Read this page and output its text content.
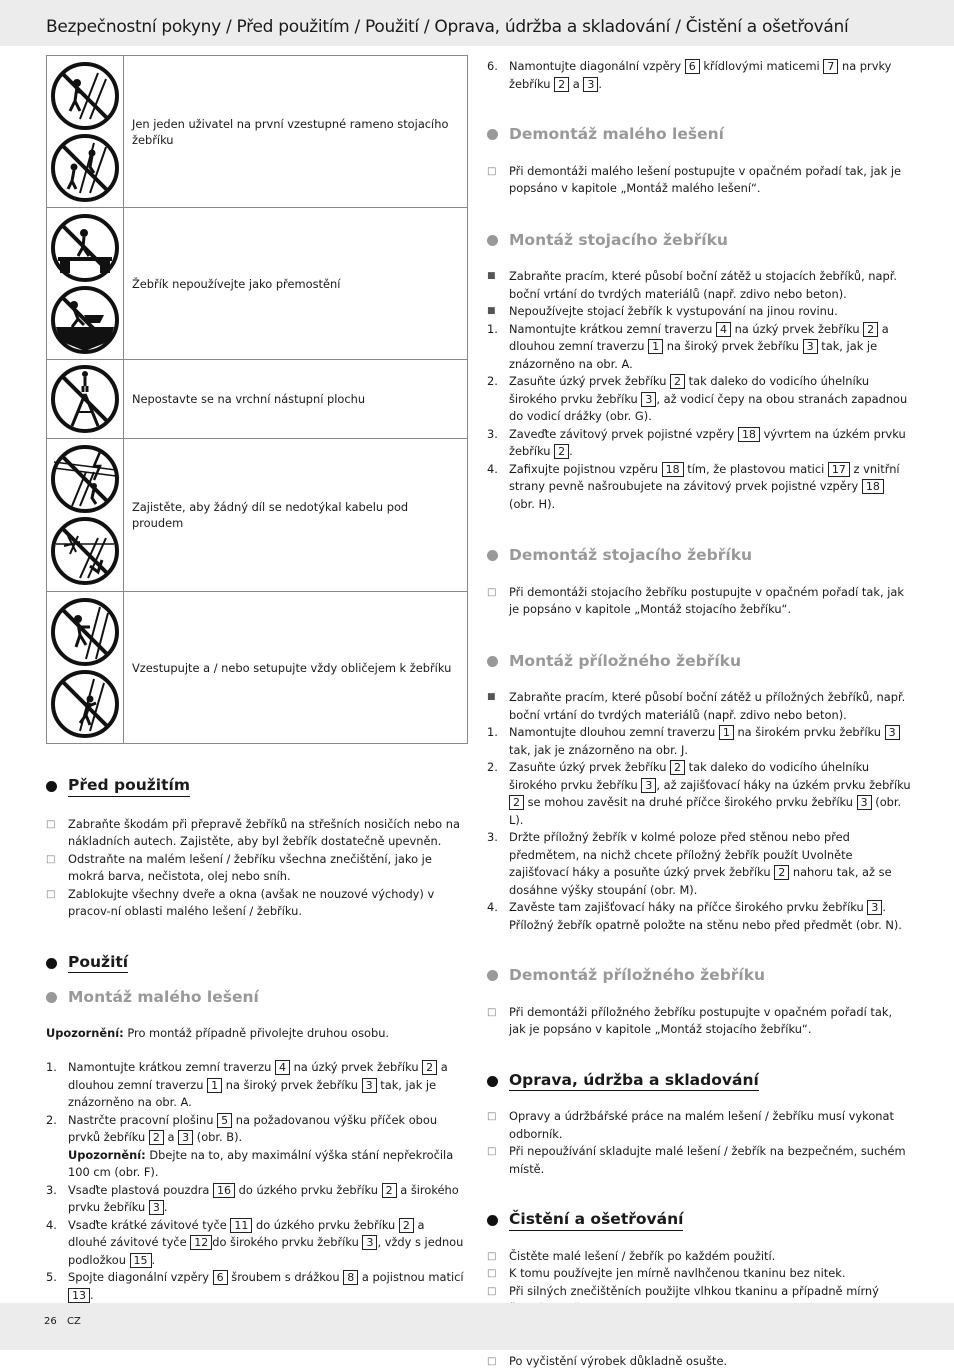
Bezpečnostní pokyny / Před použitím / Použití / Oprava, údržba a skladování / Čistění a ošetřování
	Jen jeden uživatel na první vzestupné rameno stojacího žebříku

	Žebřík nepoužívejte jako přemostění

	Nepostavte se na vrchní nástupní plochu

	Zajistěte, aby žádný díl se nedotýkal kabelu pod proudem

	Vzestupujte a / nebo setupujte vždy obličejem k žebříku
Před použitím
□	Zabraňte škodám při přepravě žebříků na střešních nosičích nebo na nákladních autech. Zajistěte, aby byl žebřík dostatečně upevněn.
□	Odstraňte na malém lešení / žebříku všechna znečištění, jako je mokrá barva, nečistota, olej nebo sníh.
□	Zablokujte všechny dveře a okna (avšak ne nouzové východy) v pracov-ní oblasti malého lešení / žebříku.
Použití
Montáž malého lešení

Upozornění: Pro montáž případně přivolejte druhou osobu.

1. Namontujte krátkou zemní traverzu 4 na úzký prvek žebříku 2 a dlouhou zemní traverzu 1 na široký prvek žebříku 3 tak, jak je znázorněno na obr. A.
2. Nastrčte pracovní plošinu 5 na požadovanou výšku příček obou prvků žebříku 2 a 3 (obr. B).
Upozornění: Dbejte na to, aby maximální výška stání nepřekročila 100 cm (obr. F).
3. Vsaďte plastová pouzdra 16 do úzkého prvku žebříku 2 a širokého prvku žebříku 3 .
4. Vsaďte krátké závitové tyče 11 do úzkého prvku žebříku 2 a dlouhé závitové tyče 12 do širokého prvku žebříku 3 , vždy s jednou podložkou 15 .
5. Spojte diagonální vzpěry 6 šroubem s drážkou 8 a pojistnou maticí 13 .
6. Namontujte diagonální vzpěry 6 křídlovými maticemi 7 na prvky žebříku 2 a 3 .
Demontáž malého lešení
□	Při demontáži malého lešení postupujte v opačném pořadí tak, jak je popsáno v kapitole „Montáž malého lešení“.
Montáž stojacího žebříku
■	Zabraňte pracím, které působí boční zátěž u stojacích žebříků, např. boční vrtání do tvrdých materiálů (např. zdivo nebo beton).
■	Nepoužívejte stojací žebřík k vystupování na jinou rovinu.
1. Namontujte krátkou zemní traverzu 4 na úzký prvek žebříku 2 a dlouhou zemní traverzu 1 na široký prvek žebříku 3 tak, jak je znázorněno na obr. A.
2. Zasuňte úzký prvek žebříku 2 tak daleko do vodicího úhelníku širokého prvku žebříku 3 , až vodicí čepy na obou stranách zapadnou do vodicí drážky (obr. G).
3. Zaveďte závitový prvek pojistné vzpěry 18 vývrtem na úzkém prvku žebříku 2 .
4. Zafixujte pojistnou vzpěru 18 tím, že plastovou matici 17 z vnitřní strany pevně našroubujete na závitový prvek pojistné vzpěry 18 (obr. H).
Demontáž stojacího žebříku
□	Při demontáži stojacího žebříku postupujte v opačném pořadí tak, jak je popsáno v kapitole „Montáž stojacího žebříku“.
Montáž příložného žebříku
■	Zabraňte pracím, které působí boční zátěž u příložných žebříků, např. boční vrtání do tvrdých materiálů (např. zdivo nebo beton).
1. Namontujte dlouhou zemní traverzu 1 na širokém prvku žebříku 3 tak, jak je znázorněno na obr. J.
2. Zasuňte úzký prvek žebříku 2 tak daleko do vodicího úhelníku širokého prvku žebříku 3 , až zajišťovací háky na úzkém prvku žebříku 2 se mohou zavěsit na druhé příčce širokého prvku žebříku 3 (obr. L).
3. Držte příložný žebřík v kolmé poloze před stěnou nebo před předmětem, na nichž chcete příložný žebřík použít Uvolněte zajišťovací háky a posuňte úzký prvek žebříku 2 nahoru tak, až se dosáhne výšky stoupání (obr. M).
4. Zavěste tam zajišťovací háky na příčce širokého prvku žebříku 3 . Příložný žebřík opatrně položte na stěnu nebo před předmět (obr. N).
Demontáž příložného žebříku
□	Při demontáži příložného žebříku postupujte v opačném pořadí tak, jak je popsáno v kapitole „Montáž stojacího žebříku“.
Oprava, údržba a skladování
□	Opravy a údržbářské práce na malém lešení / žebříku musí vykonat odborník.
□	Při nepoužívání skladujte malé lešení / žebřík na bezpečném, suchém místě.
Čistění a ošetřování
□	Čistěte malé lešení / žebřík po každém použití.
□	K tomu používejte jen mírně navlhčenou tkaninu bez nitek.
□	Při silných znečištěních použijte vlhkou tkaninu a případně mírný
□	Po vyčistění výrobek důkladně osušte.
26 CZ
